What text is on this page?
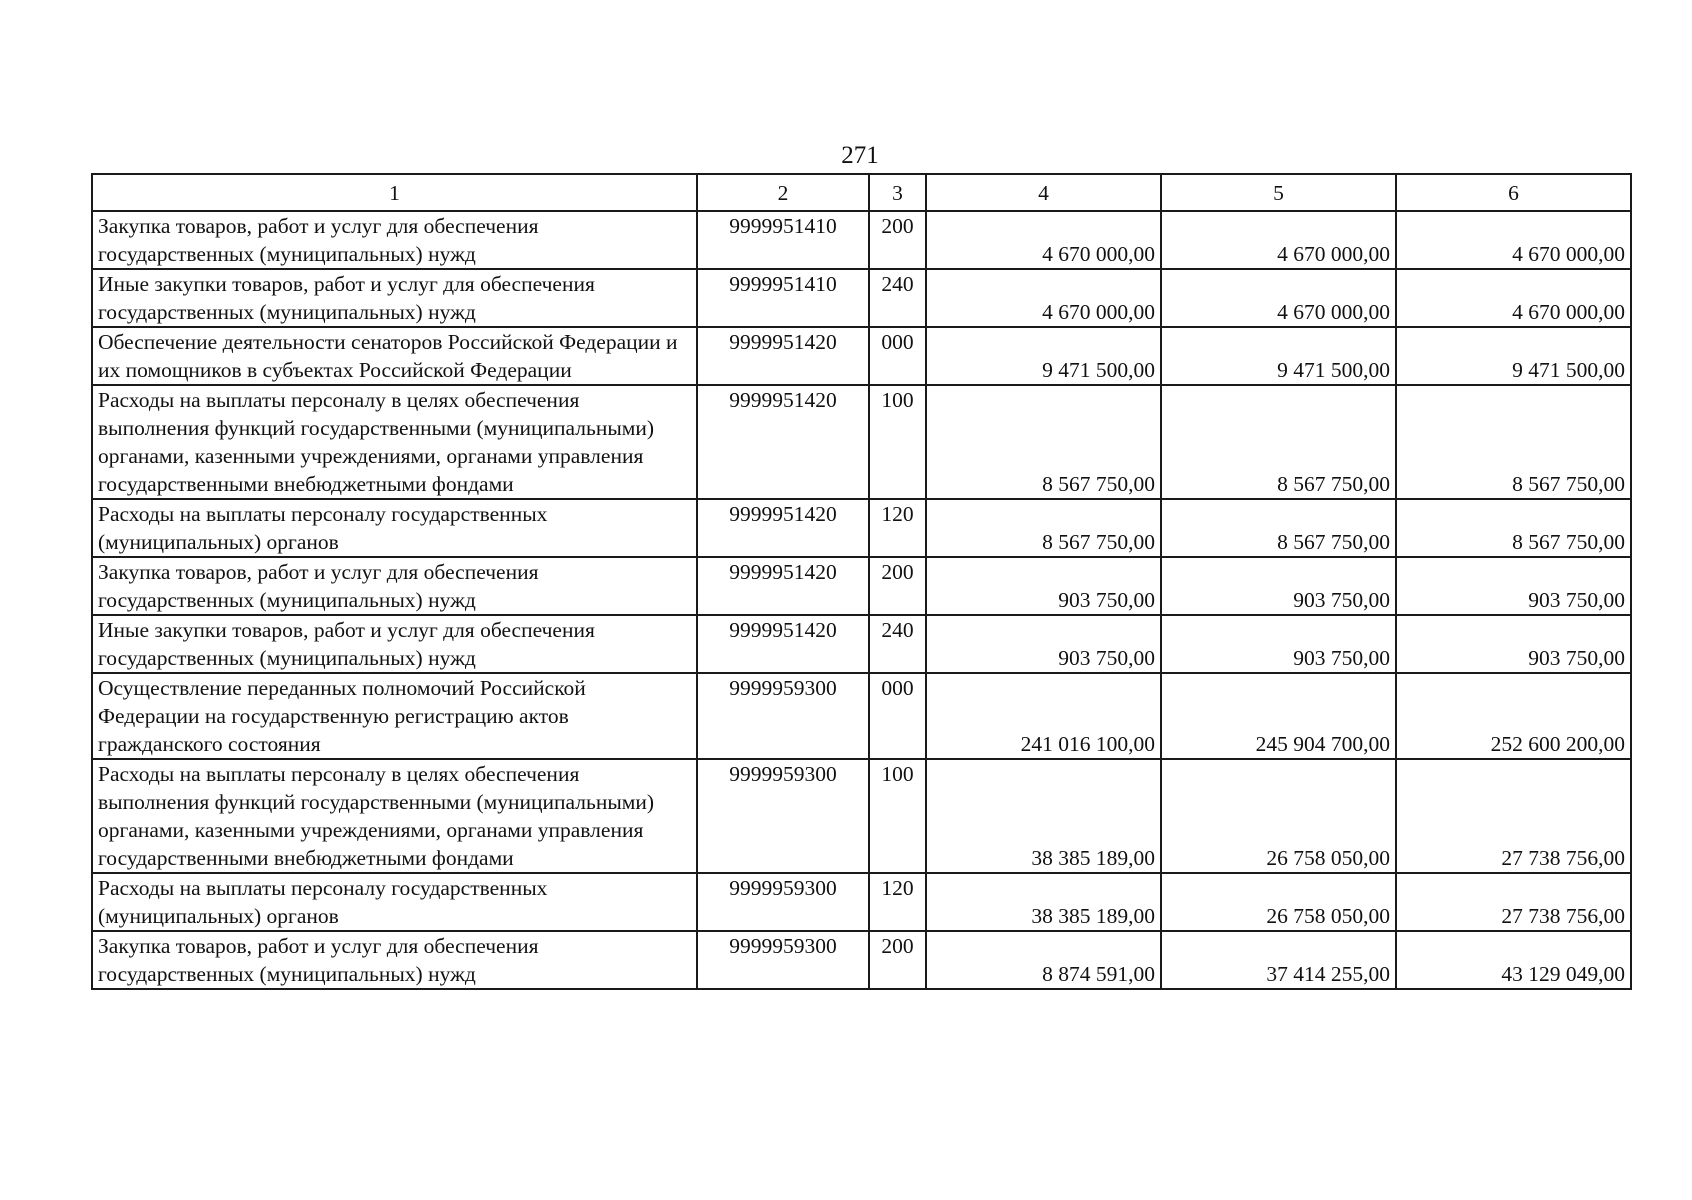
271
1	2	3	4	5	6
Закупка товаров, работ и услуг для обеспечения государственных (муниципальных) нужд	9999951410	200	4 670 000,00	4 670 000,00	4 670 000,00
Иные закупки товаров, работ и услуг для обеспечения государственных (муниципальных) нужд	9999951410	240	4 670 000,00	4 670 000,00	4 670 000,00
Обеспечение деятельности сенаторов Российской Федерации и их помощников в субъектах Российской Федерации	9999951420	000	9 471 500,00	9 471 500,00	9 471 500,00
Расходы на выплаты персоналу в целях обеспечения выполнения функций государственными (муниципальными) органами, казенными учреждениями, органами управления государственными внебюджетными фондами	9999951420	100	8 567 750,00	8 567 750,00	8 567 750,00
Расходы на выплаты персоналу государственных (муниципальных) органов	9999951420	120	8 567 750,00	8 567 750,00	8 567 750,00
Закупка товаров, работ и услуг для обеспечения государственных (муниципальных) нужд	9999951420	200	903 750,00	903 750,00	903 750,00
Иные закупки товаров, работ и услуг для обеспечения государственных (муниципальных) нужд	9999951420	240	903 750,00	903 750,00	903 750,00
Осуществление переданных полномочий Российской Федерации на государственную регистрацию актов гражданского состояния	9999959300	000	241 016 100,00	245 904 700,00	252 600 200,00
Расходы на выплаты персоналу в целях обеспечения выполнения функций государственными (муниципальными) органами, казенными учреждениями, органами управления государственными внебюджетными фондами	9999959300	100	38 385 189,00	26 758 050,00	27 738 756,00
Расходы на выплаты персоналу государственных (муниципальных) органов	9999959300	120	38 385 189,00	26 758 050,00	27 738 756,00
Закупка товаров, работ и услуг для обеспечения государственных (муниципальных) нужд	9999959300	200	8 874 591,00	37 414 255,00	43 129 049,00
